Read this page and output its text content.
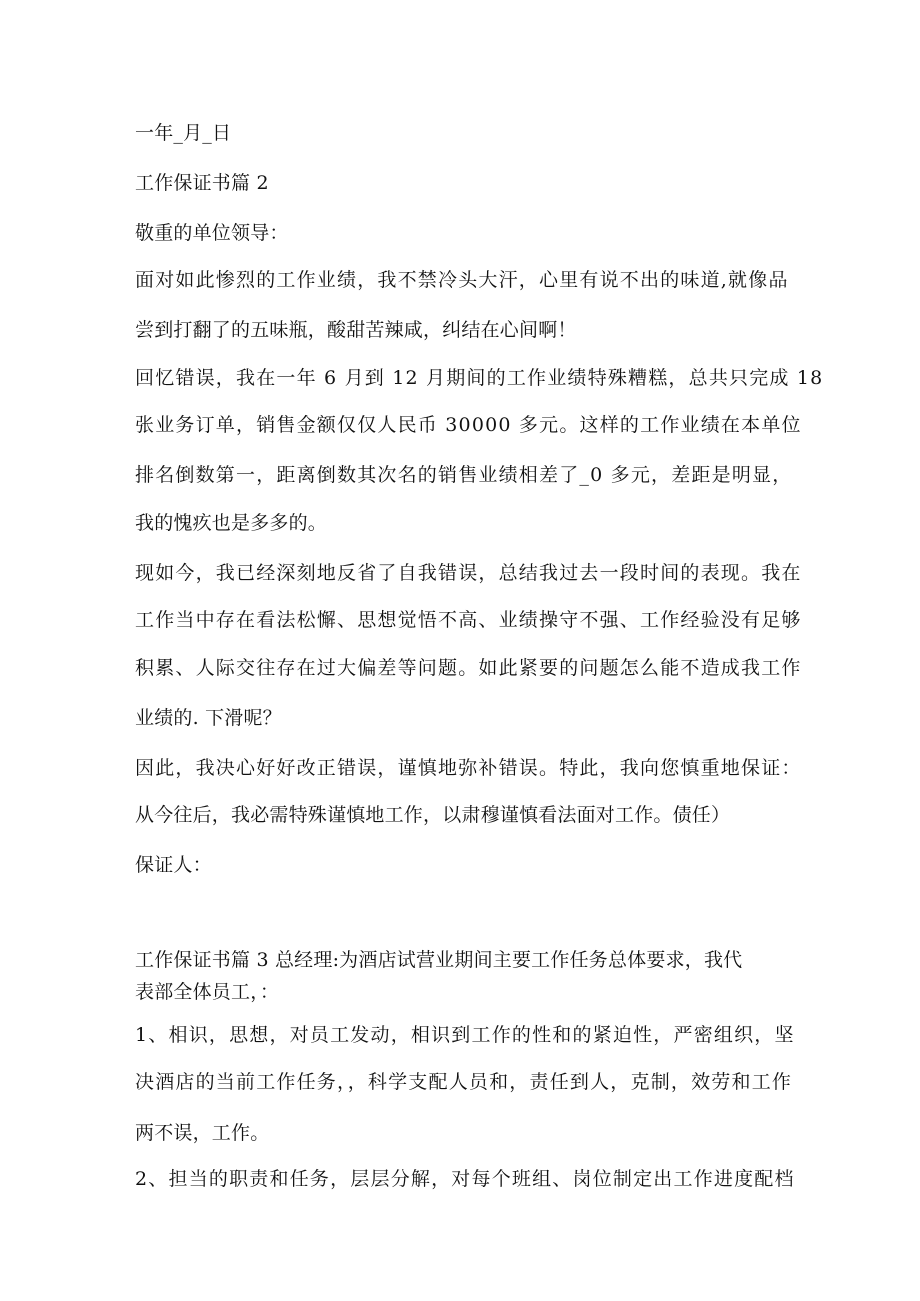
一年_月_日
工作保证书篇 2
敬重的单位领导：
面对如此惨烈的工作业绩，我不禁冷头大汗，心里有说不出的味道,就像品
尝到打翻了的五味瓶，酸甜苦辣咸，纠结在心间啊！
回忆错误，我在一年 6 月到 12 月期间的工作业绩特殊糟糕，总共只完成 18
张业务订单，销售金额仅仅人民币 30000 多元。这样的工作业绩在本单位
排名倒数第一，距离倒数其次名的销售业绩相差了_0 多元，差距是明显，
我的愧疚也是多多的。
现如今，我已经深刻地反省了自我错误，总结我过去一段时间的表现。我在
工作当中存在看法松懈、思想觉悟不高、业绩操守不强、工作经验没有足够
积累、人际交往存在过大偏差等问题。如此紧要的问题怎么能不造成我工作
业绩的. 下滑呢？
因此，我决心好好改正错误，谨慎地弥补错误。特此，我向您慎重地保证：
从今往后，我必需特殊谨慎地工作，以肃穆谨慎看法面对工作。债任）
保证人：
工作保证书篇 3 总经理:为酒店试营业期间主要工作任务总体要求，我代
表部全体员工，：
1、相识，思想，对员工发动，相识到工作的性和的紧迫性，严密组织，坚
决酒店的当前工作任务，，科学支配人员和，责任到人，克制，效劳和工作
两不误，工作。
2、担当的职责和任务，层层分解，对每个班组、岗位制定出工作进度配档
